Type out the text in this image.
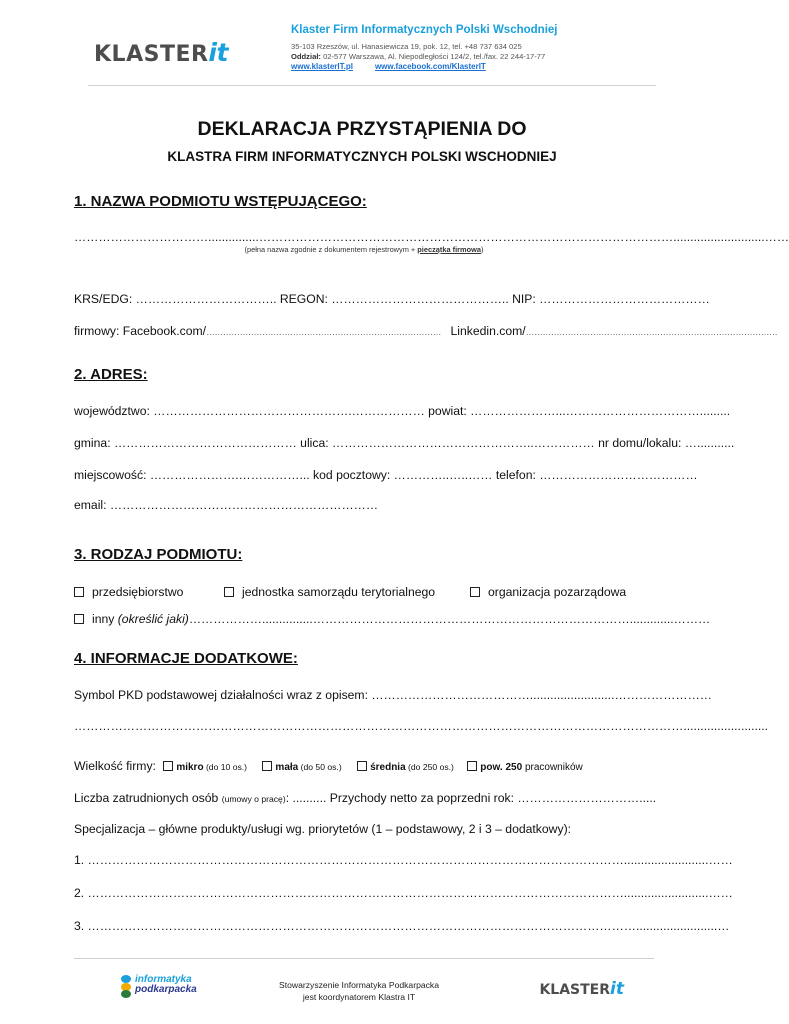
KLASTERit
Klaster Firm Informatycznych Polski Wschodniej
35-103 Rzeszów, ul. Hanasiewicza 19, pok. 12, tel. +48 737 634 025
Oddział: 02-577 Warszawa, Al. Niepodległości 124/2, tel./fax. 22 244-17-77
www.klasterIT.pl	www.facebook.com/KlasterIT
DEKLARACJA PRZYSTĄPIENIA DO
KLASTRA FIRM INFORMATYCZNYCH POLSKI WSCHODNIEJ
1. NAZWA PODMIOTU WSTĘPUJĄCEGO:
……………………………...............…………………………………………………………………………………………...........................……
(pełna nazwa zgodnie z dokumentem rejestrowym + pieczątka firmowa)
KRS/EDG: …………………………….. REGON: …………………………………….. NIP: ……………………………………
firmowy: Facebook.com/………………………………………………………………………… Linkedin.com/………………………………………………………………………………
2. ADRES:
województwo: ………………………………………….……………… powiat: …………………...…………………………….........
gmina: ……………………………………… ulica: …………………………………………..…………… nr domu/lokalu: …...........
miejscowość: ………………….……………... kod pocztowy: …………..…..…… telefon: …………………………………
email: …………………………………………………………
3. RODZAJ PODMIOTU:
przedsiębiorstwo	jednostka samorządu terytorialnego	organizacja pozarządowa
inny (określić jaki)………………...............…………………………………………………………………….............………
4. INFORMACJE DODATKOWE:
Symbol PKD podstawowej działalności wraz z opisem: ………………………………….........................……………………
…………………………………………………………………………………………………………………………………….........................
Wielkość firmy: mikro (do 10 os.)	mała (do 50 os.)	średnia (do 250 os.)	pow. 250 pracowników
Liczba zatrudnionych osób (umowy o pracę): .......... Przychody netto za poprzedni rok: ………………………….....
Specjalizacja – główne produkty/usługi wg. priorytetów (1 – podstawowy, 2 i 3 – dodatkowy):
1. …………………………………………………………………………………………………………………….........................……
2. …………………………………………………………………………………………………………………….........................……
3. ………………………………………………………………………………………………………………………........................…
informatyka
podkarpacka	Stowarzyszenie Informatyka Podkarpacka
jest koordynatorem Klastra IT	KLASTERit
